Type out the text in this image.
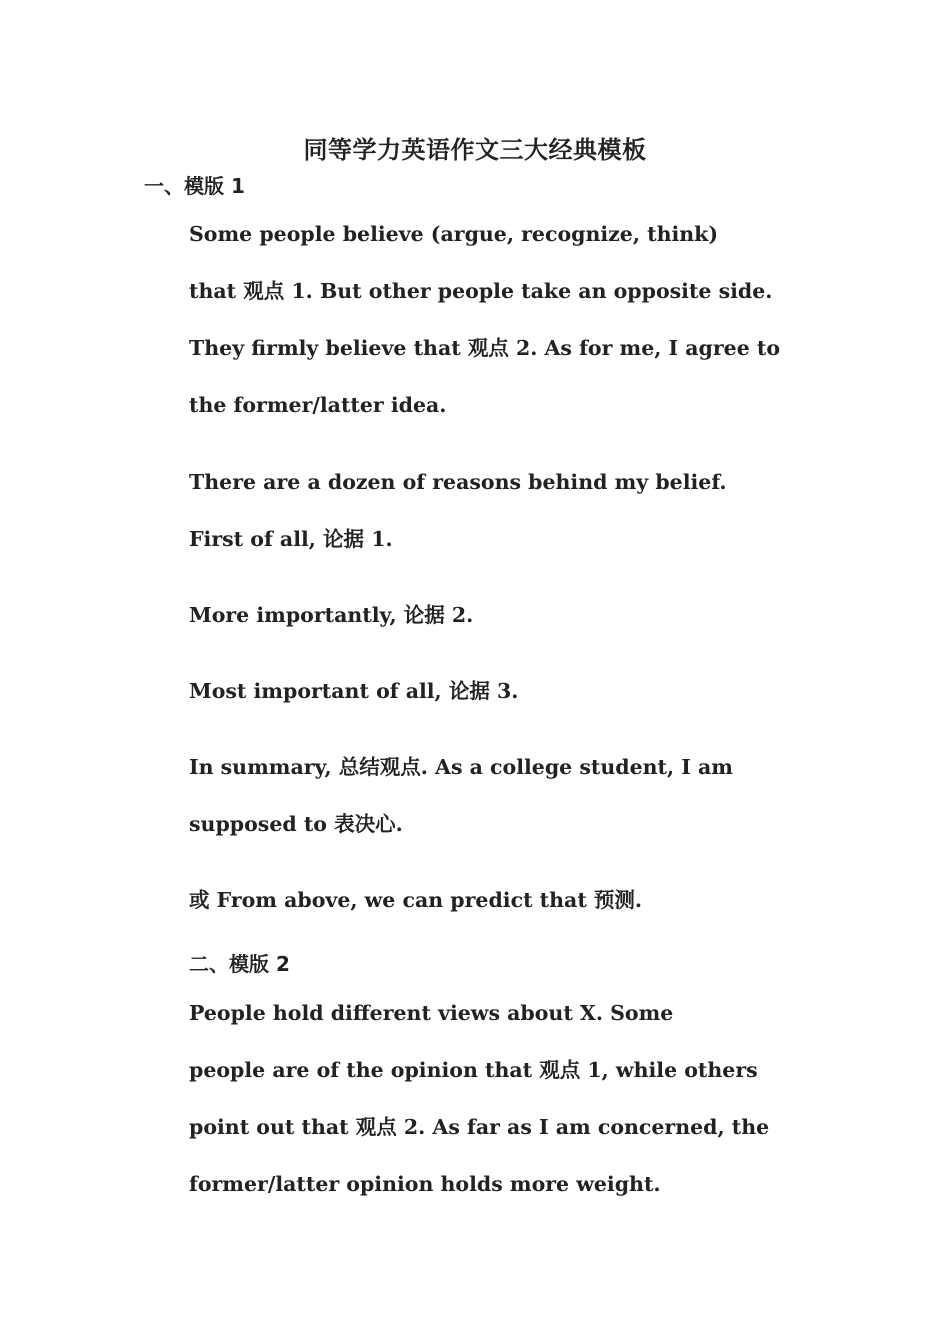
同等学力英语作文三大经典模板
一、模版 1

Some people believe (argue, recognize, think)
that 观点 1. But other people take an opposite side.
They firmly believe that 观点 2. As for me, I agree to
the former/latter idea.

There are a dozen of reasons behind my belief.
First of all, 论据 1.

More importantly, 论据 2.

Most important of all, 论据 3.

In summary, 总结观点. As a college student, I am
supposed to 表决心.

或 From above, we can predict that 预测.

二、模版 2

People hold different views about X. Some
people are of the opinion that 观点 1, while others
point out that 观点 2. As far as I am concerned, the
former/latter opinion holds more weight.
